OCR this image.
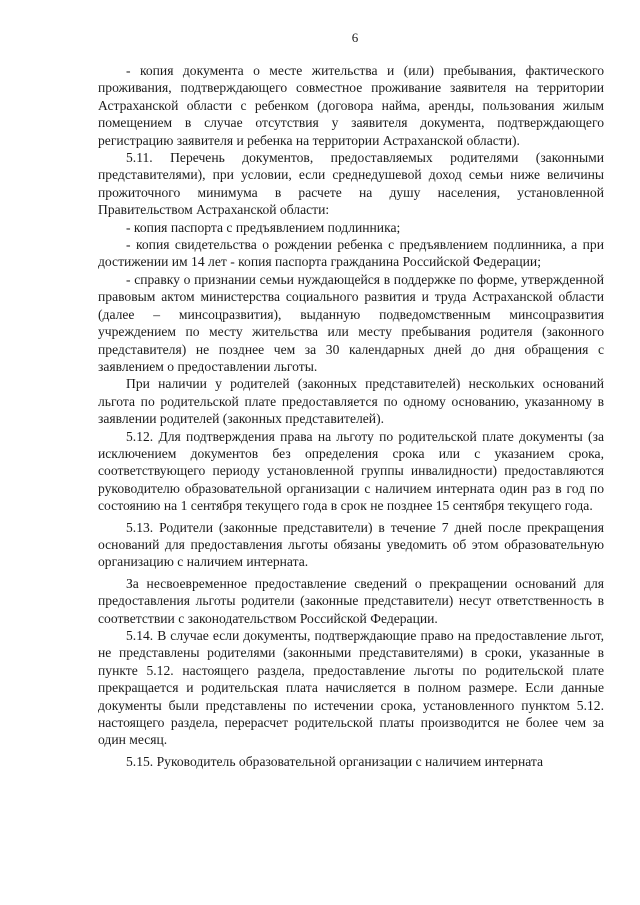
6

- копия документа о месте жительства и (или) пребывания, фактического проживания, подтверждающего совместное проживание заявителя на территории Астраханской области с ребенком (договора найма, аренды, пользования жилым помещением в случае отсутствия у заявителя документа, подтверждающего регистрацию заявителя и ребенка на территории Астраханской области).

5.11. Перечень документов, предоставляемых родителями (законными представителями), при условии, если среднедушевой доход семьи ниже величины прожиточного минимума в расчете на душу населения, установленной Правительством Астраханской области:

- копия паспорта с предъявлением подлинника;

- копия свидетельства о рождении ребенка с предъявлением подлинника, а при достижении им 14 лет - копия паспорта гражданина Российской Федерации;

- справку о признании семьи нуждающейся в поддержке по форме, утвержденной правовым актом министерства социального развития и труда Астраханской области (далее – минсоцразвития), выданную подведомственным минсоцразвития учреждением по месту жительства или месту пребывания родителя (законного представителя) не позднее чем за 30 календарных дней до дня обращения с заявлением о предоставлении льготы.

При наличии у родителей (законных представителей) нескольких оснований льгота по родительской плате предоставляется по одному основанию, указанному в заявлении родителей (законных представителей).

5.12. Для подтверждения права на льготу по родительской плате документы (за исключением документов без определения срока или с указанием срока, соответствующего периоду установленной группы инвалидности) предоставляются руководителю образовательной организации с наличием интерната один раз в год по состоянию на 1 сентября текущего года в срок не позднее 15 сентября текущего года.

5.13. Родители (законные представители) в течение 7 дней после прекращения оснований для предоставления льготы обязаны уведомить об этом образовательную организацию с наличием интерната.

За несвоевременное предоставление сведений о прекращении оснований для предоставления льготы родители (законные представители) несут ответственность в соответствии с законодательством Российской Федерации.

5.14. В случае если документы, подтверждающие право на предоставление льгот, не представлены родителями (законными представителями) в сроки, указанные в пункте 5.12. настоящего раздела, предоставление льготы по родительской плате прекращается и родительская плата начисляется в полном размере. Если данные документы были представлены по истечении срока, установленного пунктом 5.12. настоящего раздела, перерасчет родительской платы производится не более чем за один месяц.

5.15. Руководитель образовательной организации с наличием интерната
